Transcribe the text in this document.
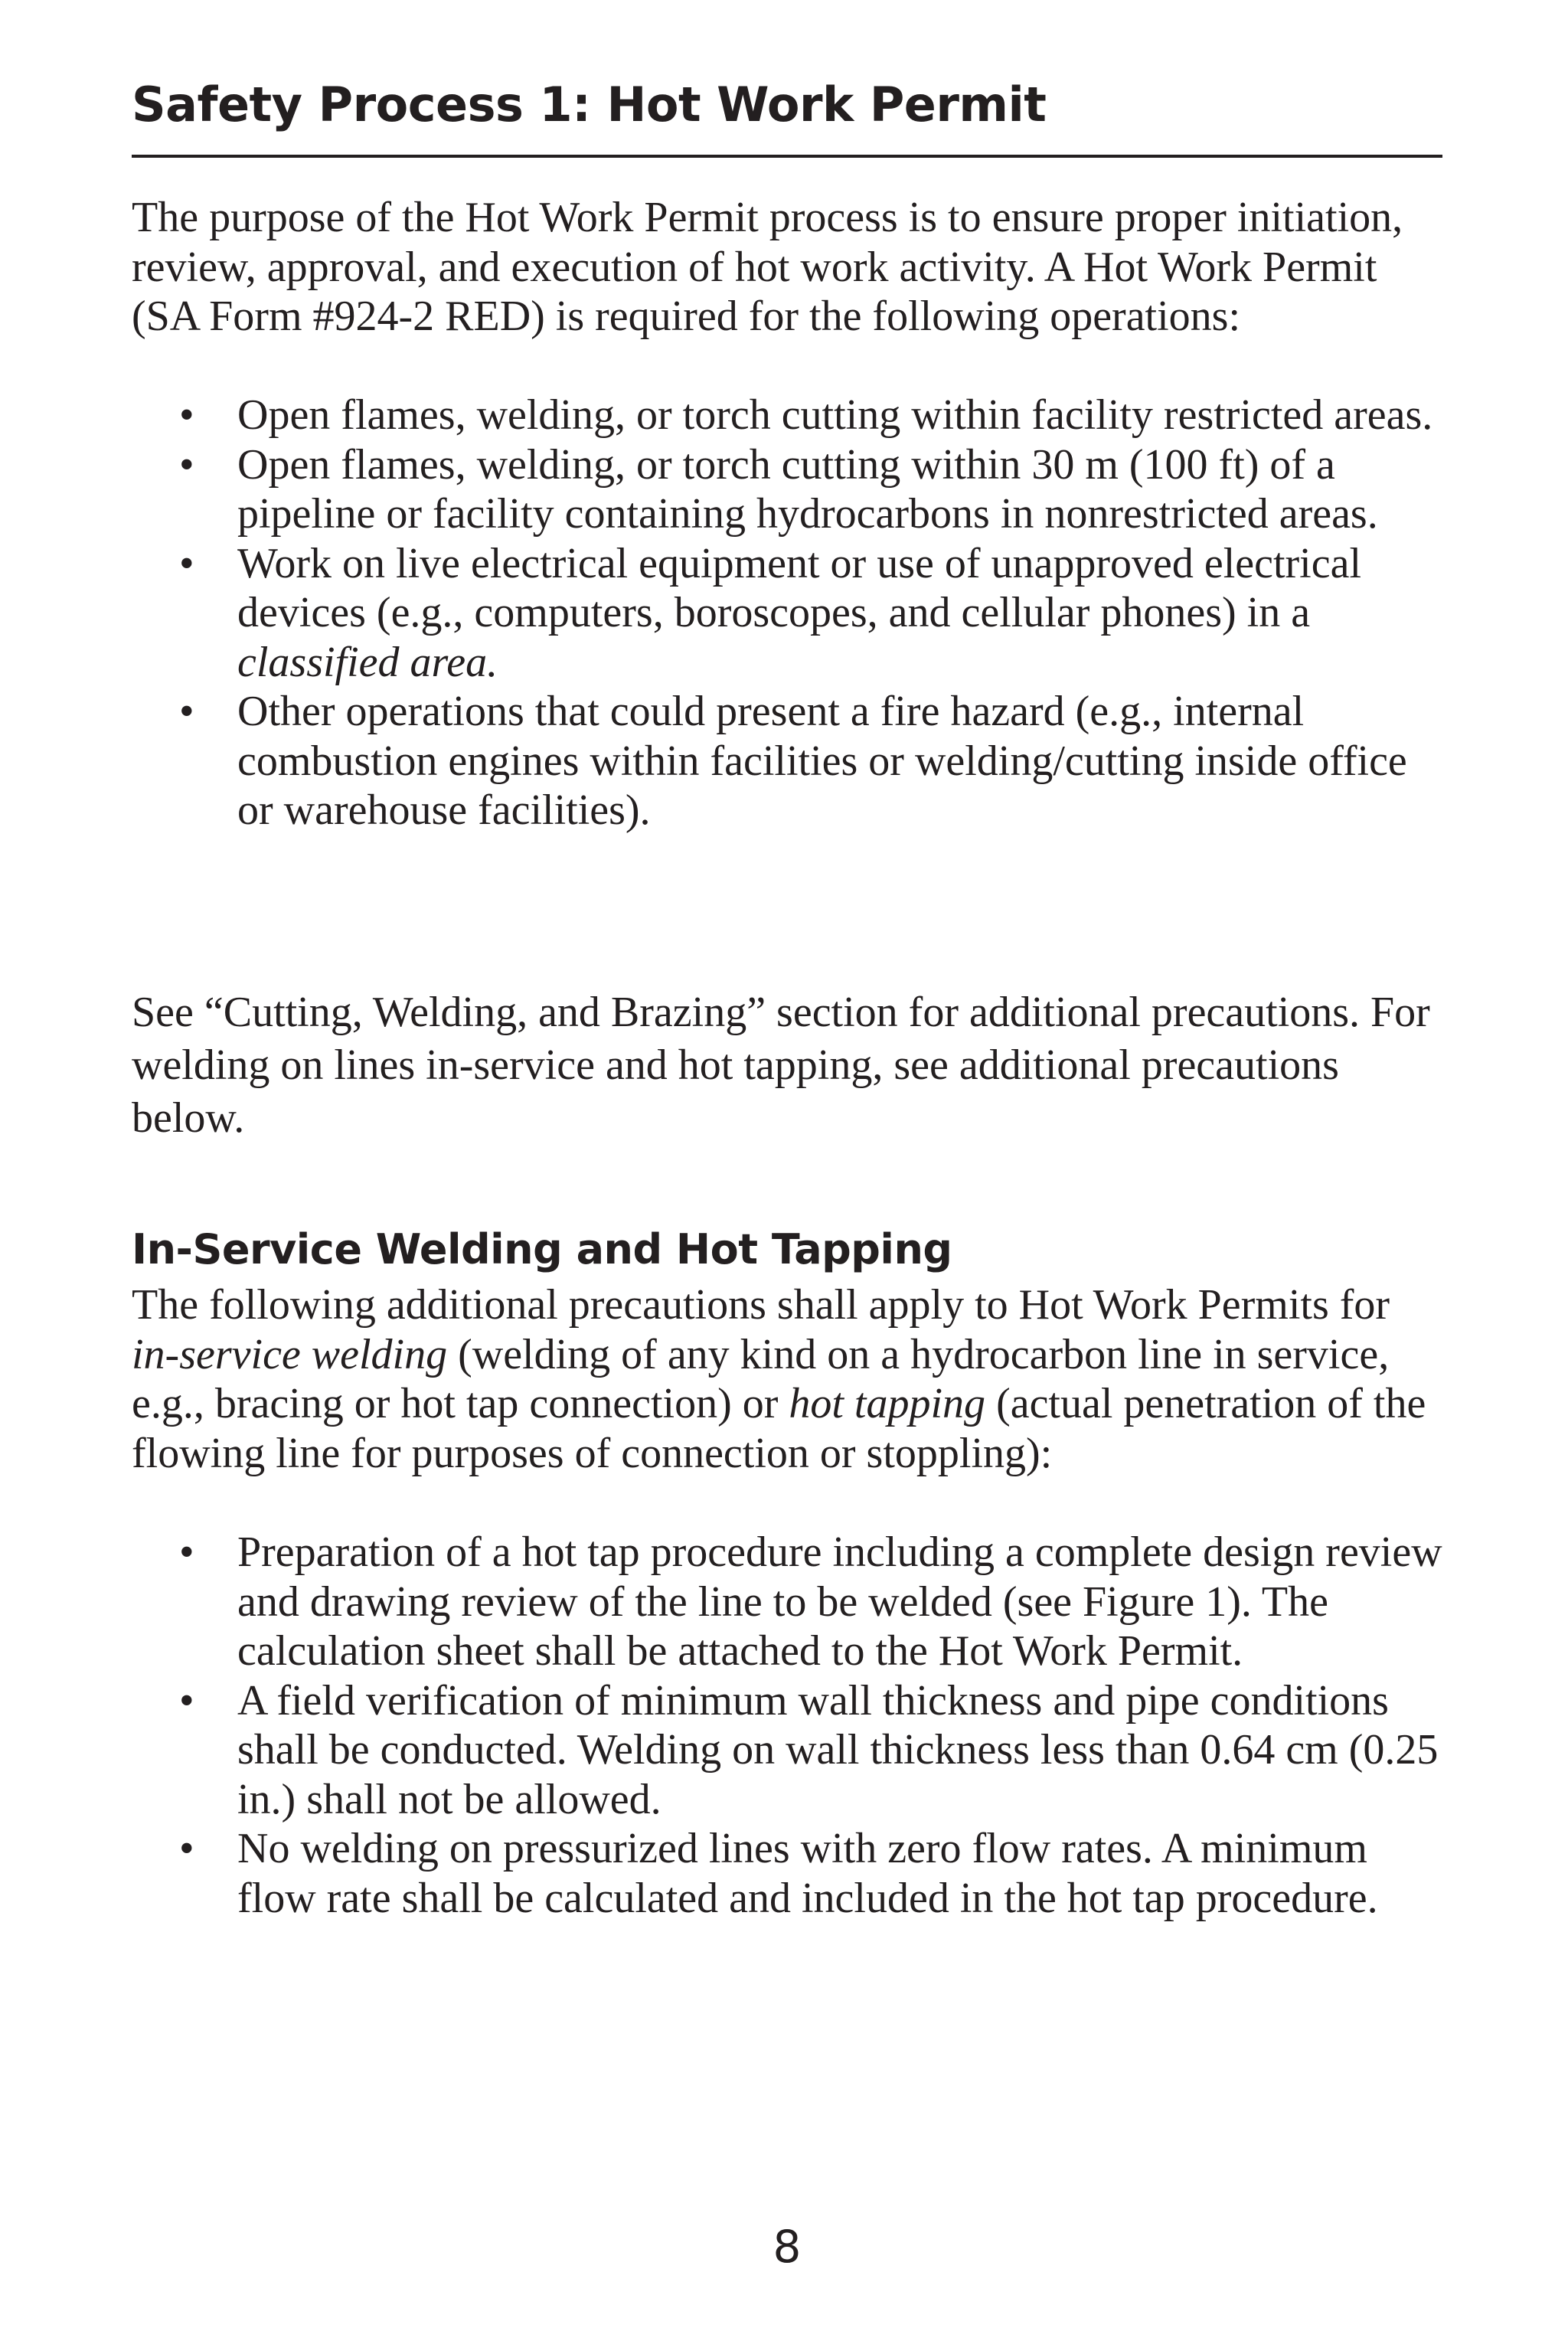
Safety Process 1: Hot Work Permit

The purpose of the Hot Work Permit process is to ensure proper initiation, review, approval, and execution of hot work activity. A Hot Work Permit (SA Form #924-2 RED) is required for the following operations:

• Open flames, welding, or torch cutting within facility restricted areas.
• Open flames, welding, or torch cutting within 30 m (100 ft) of a pipeline or facility containing hydrocarbons in nonrestricted areas.
• Work on live electrical equipment or use of unapproved electrical devices (e.g., computers, boroscopes, and cellular phones) in a classified area.
• Other operations that could present a fire hazard (e.g., internal combustion engines within facilities or welding/cutting inside office or warehouse facilities).

See “Cutting, Welding, and Brazing” section for additional precautions. For welding on lines in-service and hot tapping, see additional precautions below.

In-Service Welding and Hot Tapping

The following additional precautions shall apply to Hot Work Permits for in-service welding (welding of any kind on a hydrocarbon line in service, e.g., bracing or hot tap connection) or hot tapping (actual penetration of the flowing line for purposes of connection or stoppling):

• Preparation of a hot tap procedure including a complete design review and drawing review of the line to be welded (see Figure 1). The calculation sheet shall be attached to the Hot Work Permit.
• A field verification of minimum wall thickness and pipe conditions shall be conducted. Welding on wall thickness less than 0.64 cm (0.25 in.) shall not be allowed.
• No welding on pressurized lines with zero flow rates. A minimum flow rate shall be calculated and included in the hot tap procedure.
8
